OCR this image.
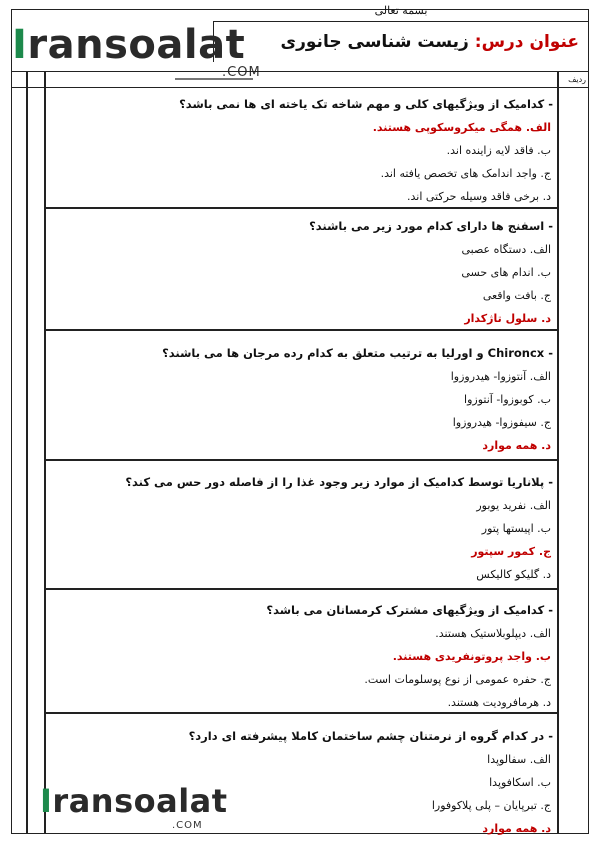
بسمه تعالی
عنوان درس: زیست شناسی جانوری
Iransoalat
.COM	ردیف
- کدامیک از ویژگیهای کلی و مهم شاخه تک یاخته ای ها نمی باشد؟
الف. همگی میکروسکوپی هستند.
ب. فاقد لایه زاینده اند.
ج. واجد اندامک های تخصص یافته اند.
د. برخی فاقد وسیله حرکتی اند.
- اسفنج ها دارای کدام مورد زیر می باشند؟
الف. دستگاه عصبی
ب. اندام های حسی
ج. بافت واقعی
د. سلول تاژکدار
- Chironcx و اورلیا به ترتیب متعلق به کدام رده مرجان ها می باشند؟
الف. آنتوزوا- هیدروزوا
ب. کوبوزوا- آنتوزوا
ج. سیفوزوا- هیدروزوا
د. همه موارد
- پلاناریا توسط کدامیک از موارد زیر وجود غذا را از فاصله دور حس می کند؟
الف. نفرید یوبور
ب. اپیستها پتور
ج. کمور سپتور
د. گلیکو کالیکس
- کدامیک از ویژگیهای مشترک کرمسانان می باشد؟
الف. دیپلوبلاستیک هستند.
ب. واجد پروتونفریدی هستند.
ج. حفره عمومی از نوع پوسلومات است.
د. هرمافرودیت هستند.
- در کدام گروه از نرمتنان چشم ساختمان کاملا پیشرفته ای دارد؟
الف. سفالوپدا
ب. اسکافوپدا
ج. تبرپایان – پلی پلاکوفورا
د. همه موارد
Iransoalat
.COM
